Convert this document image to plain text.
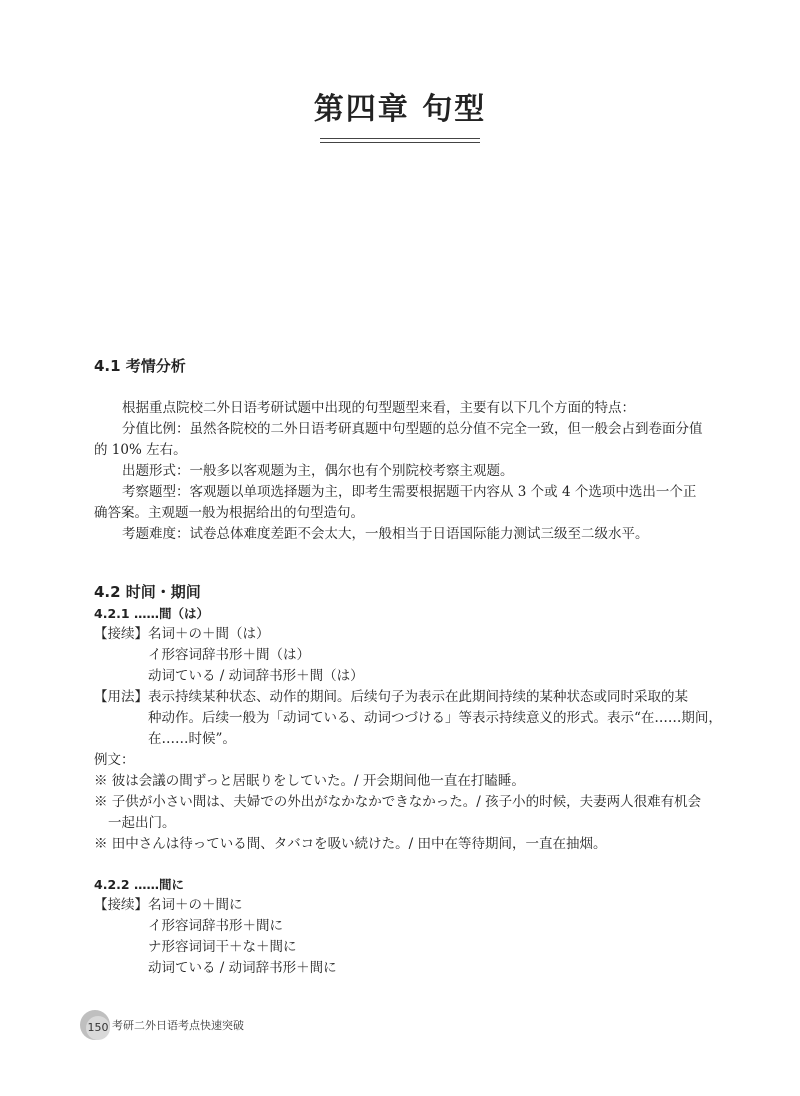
第四章 句型
4.1 考情分析
根据重点院校二外日语考研试题中出现的句型题型来看，主要有以下几个方面的特点：
分值比例：虽然各院校的二外日语考研真题中句型题的总分值不完全一致，但一般会占到卷面分值
的 10% 左右。
出题形式：一般多以客观题为主，偶尔也有个别院校考察主观题。
考察题型：客观题以单项选择题为主，即考生需要根据题干内容从 3 个或 4 个选项中选出一个正
确答案。主观题一般为根据给出的句型造句。
考题难度：试卷总体难度差距不会太大，一般相当于日语国际能力测试三级至二级水平。
4.2 时间・期间
4.2.1 ……間（は）
【接续】 名词＋の＋間（は）
イ形容词辞书形＋間（は）
动词ている / 动词辞书形＋間（は）
【用法】 表示持续某种状态、动作的期间。后续句子为表示在此期间持续的某种状态或同时采取的某
种动作。后续一般为「动词ている、动词つづける」等表示持续意义的形式。表示“在……期间，
在……时候”。
例文：
※ 彼は会議の間ずっと居眠りをしていた。/ 开会期间他一直在打瞌睡。
※ 子供が小さい間は、夫婦での外出がなかなかできなかった。/ 孩子小的时候，夫妻两人很难有机会
一起出门。
※ 田中さんは待っている間、タバコを吸い続けた。/ 田中在等待期间，一直在抽烟。
4.2.2 ……間に
【接续】 名词＋の＋間に
イ形容词辞书形＋間に
ナ形容词词干＋な＋間に
动词ている / 动词辞书形＋間に
150 考研二外日语考点快速突破
